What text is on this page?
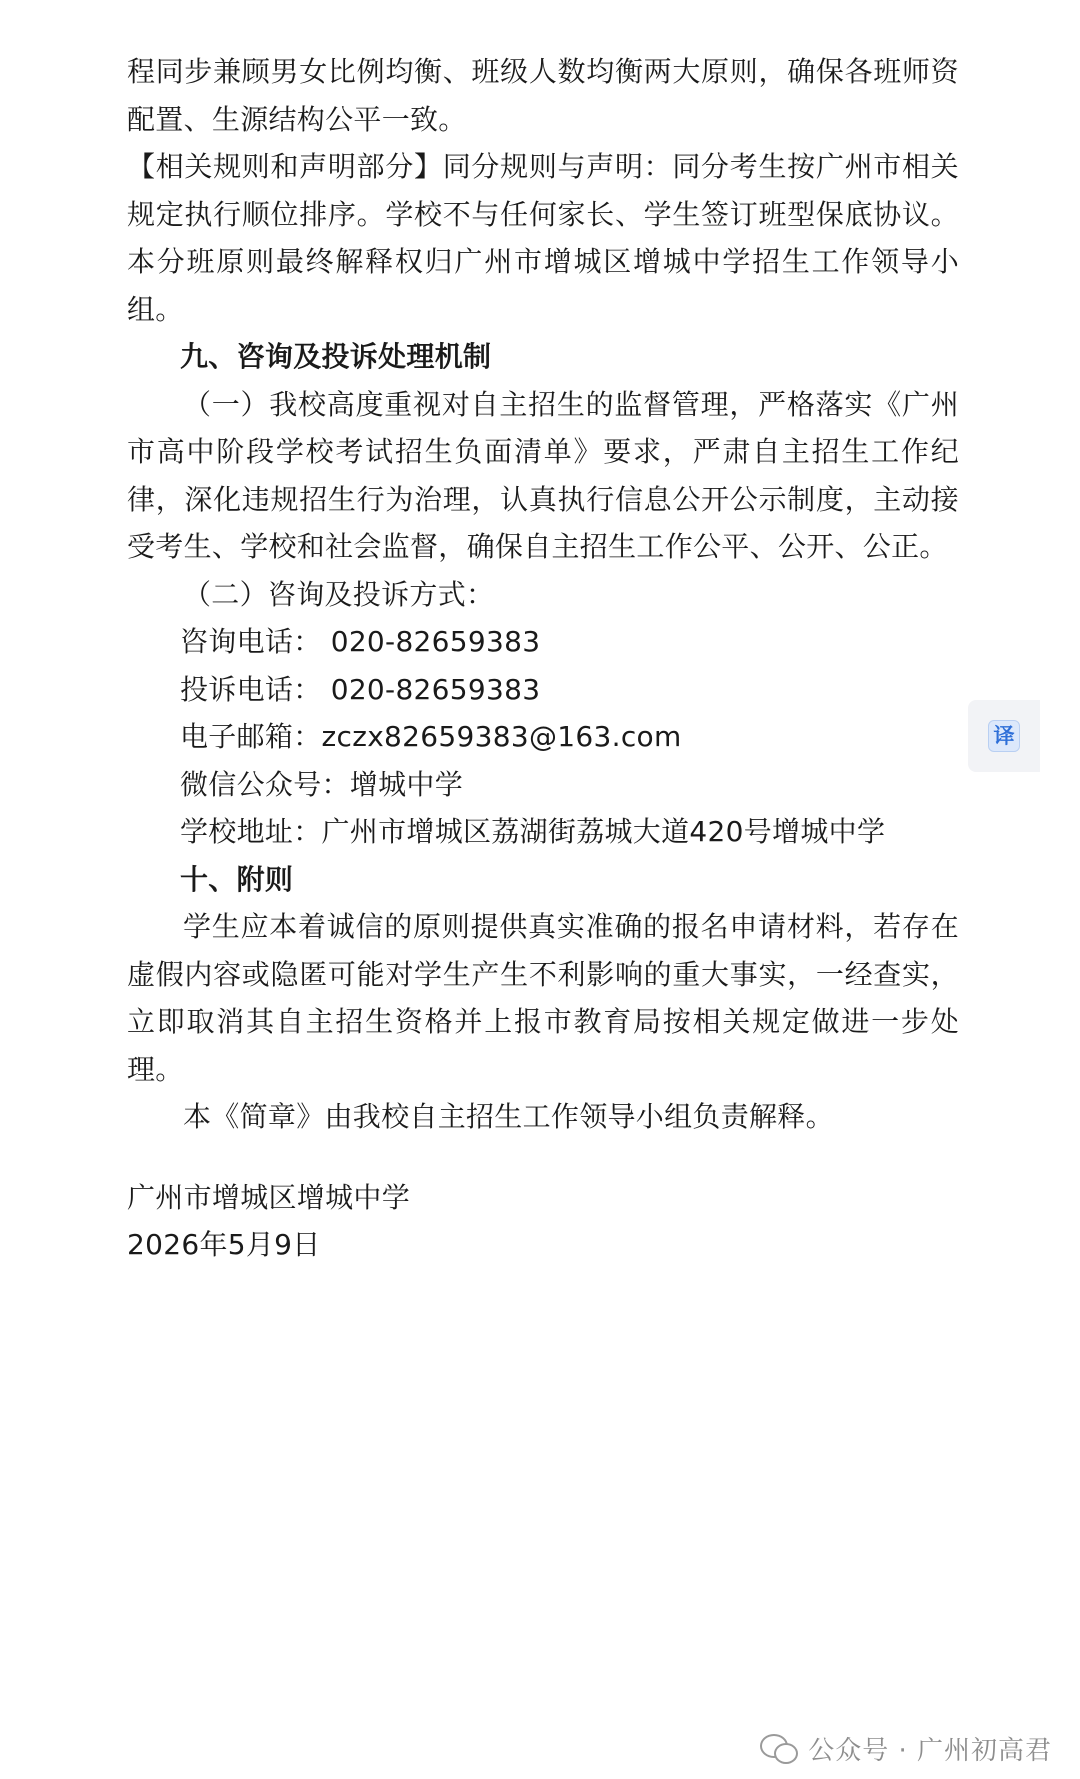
程同步兼顾男女比例均衡、班级人数均衡两大原则，确保各班师资配置、生源结构公平一致。

【相关规则和声明部分】同分规则与声明：同分考生按广州市相关规定执行顺位排序。学校不与任何家长、学生签订班型保底协议。本分班原则最终解释权归广州市增城区增城中学招生工作领导小组。

九、咨询及投诉处理机制

（一）我校高度重视对自主招生的监督管理，严格落实《广州市高中阶段学校考试招生负面清单》要求，严肃自主招生工作纪律，深化违规招生行为治理，认真执行信息公开公示制度，主动接受考生、学校和社会监督，确保自主招生工作公平、公开、公正。

（二）咨询及投诉方式：

咨询电话： 020-82659383

投诉电话： 020-82659383

电子邮箱：zczx82659383@163.com

微信公众号：增城中学

学校地址：广州市增城区荔湖街荔城大道420号增城中学

十、附则

学生应本着诚信的原则提供真实准确的报名申请材料，若存在虚假内容或隐匿可能对学生产生不利影响的重大事实，一经查实，立即取消其自主招生资格并上报市教育局按相关规定做进一步处理。

本《简章》由我校自主招生工作领导小组负责解释。

广州市增城区增城中学

2026年5月9日

译
公众号 · 广州初高君
